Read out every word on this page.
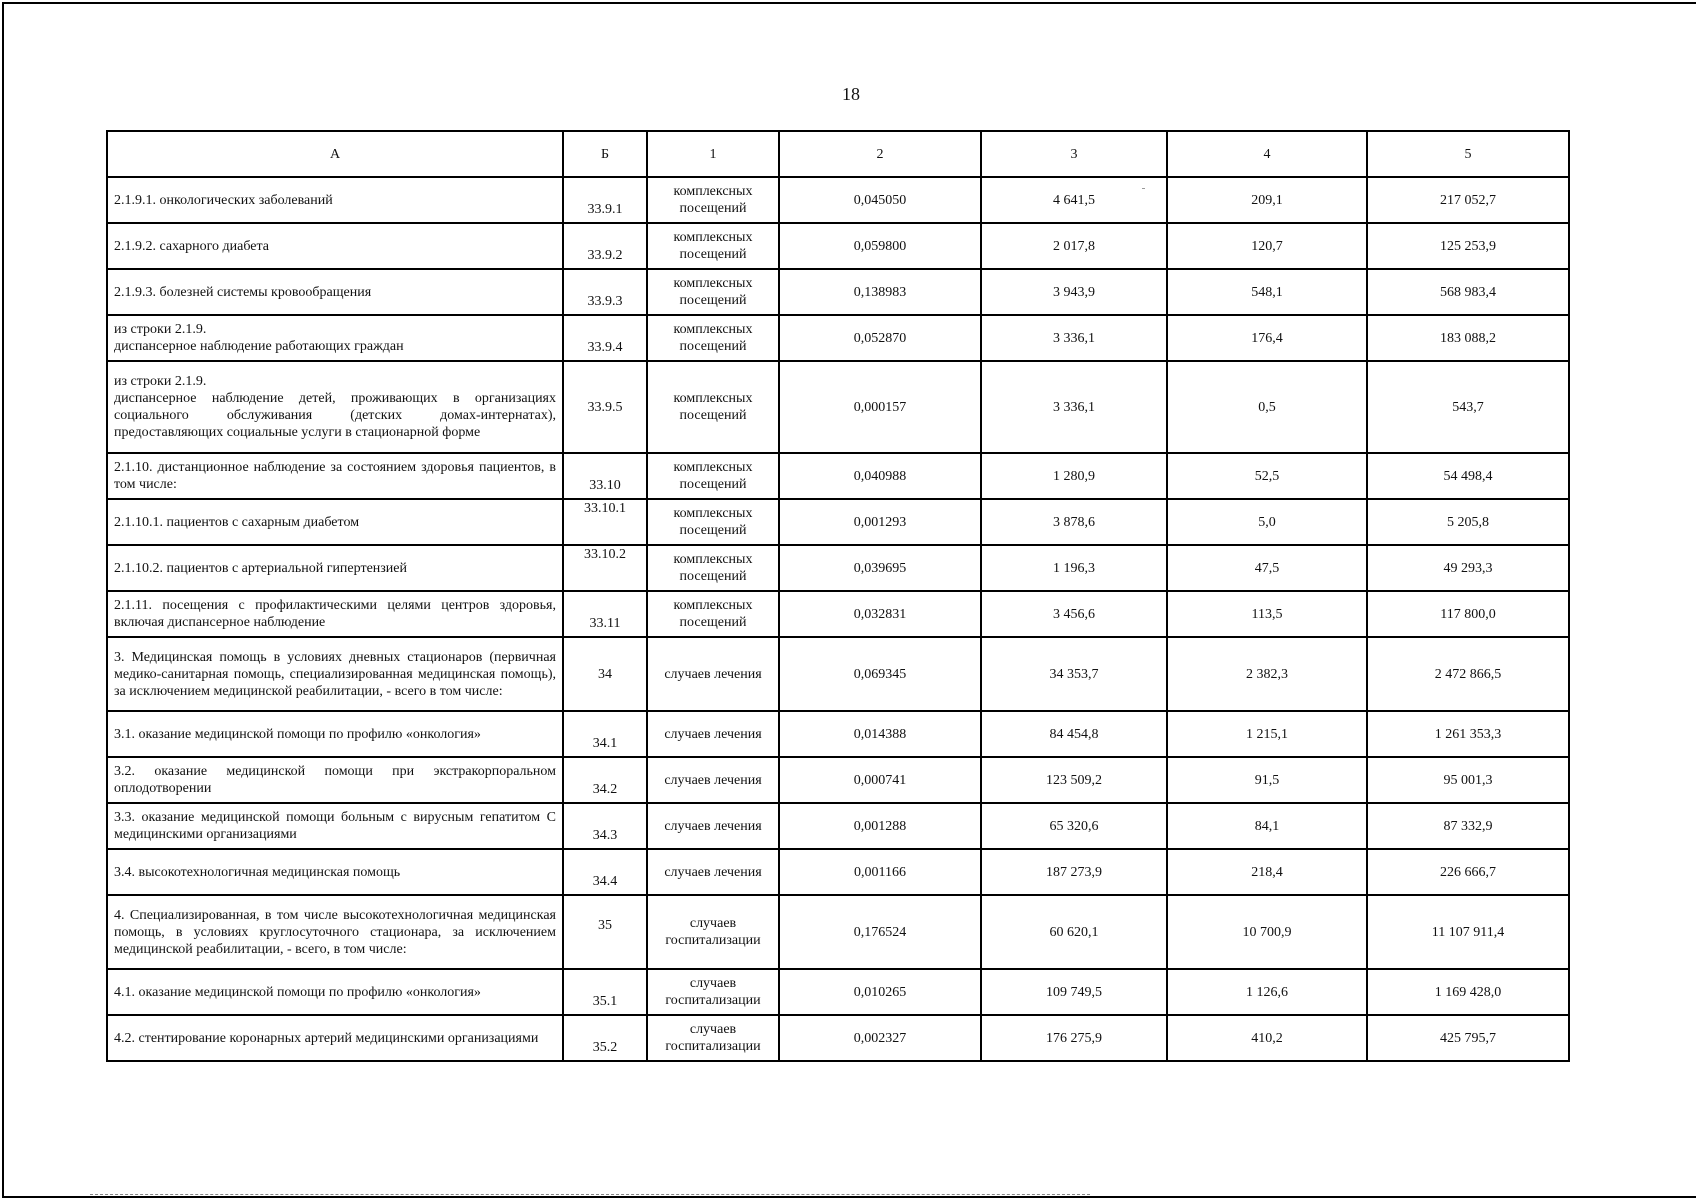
18
А	Б	1	2	3	4	5
2.1.9.1. онкологических заболеваний	33.9.1	комплексных посещений	0,045050	4 641,5	209,1	217 052,7
2.1.9.2. сахарного диабета	33.9.2	комплексных посещений	0,059800	2 017,8	120,7	125 253,9
2.1.9.3. болезней системы кровообращения	33.9.3	комплексных посещений	0,138983	3 943,9	548,1	568 983,4
из строки 2.1.9.
диспансерное наблюдение работающих граждан	33.9.4	комплексных посещений	0,052870	3 336,1	176,4	183 088,2
из строки 2.1.9.
диспансерное наблюдение детей, проживающих в организациях социального обслуживания (детских домах-интернатах), предоставляющих социальные услуги в стационарной форме	33.9.5	комплексных посещений	0,000157	3 336,1	0,5	543,7
2.1.10. дистанционное наблюдение за состоянием здоровья пациентов, в том числе:	33.10	комплексных посещений	0,040988	1 280,9	52,5	54 498,4
2.1.10.1. пациентов с сахарным диабетом	33.10.1	комплексных посещений	0,001293	3 878,6	5,0	5 205,8
2.1.10.2. пациентов с артериальной гипертензией	33.10.2	комплексных посещений	0,039695	1 196,3	47,5	49 293,3
2.1.11. посещения с профилактическими целями центров здоровья, включая диспансерное наблюдение	33.11	комплексных посещений	0,032831	3 456,6	113,5	117 800,0
3. Медицинская помощь в условиях дневных стационаров (первичная медико-санитарная помощь, специализированная медицинская помощь), за исключением медицинской реабилитации, - всего в том числе:	34	случаев лечения	0,069345	34 353,7	2 382,3	2 472 866,5
3.1. оказание медицинской помощи по профилю «онкология»	34.1	случаев лечения	0,014388	84 454,8	1 215,1	1 261 353,3
3.2. оказание медицинской помощи при экстракорпоральном оплодотворении	34.2	случаев лечения	0,000741	123 509,2	91,5	95 001,3
3.3. оказание медицинской помощи больным с вирусным гепатитом С медицинскими организациями	34.3	случаев лечения	0,001288	65 320,6	84,1	87 332,9
3.4. высокотехнологичная медицинская помощь	34.4	случаев лечения	0,001166	187 273,9	218,4	226 666,7
4. Специализированная, в том числе высокотехнологичная медицинская помощь, в условиях круглосуточного стационара, за исключением медицинской реабилитации, - всего, в том числе:	35	случаев госпитализации	0,176524	60 620,1	10 700,9	11 107 911,4
4.1. оказание медицинской помощи по профилю «онкология»	35.1	случаев госпитализации	0,010265	109 749,5	1 126,6	1 169 428,0
4.2. стентирование коронарных артерий медицинскими организациями	35.2	случаев госпитализации	0,002327	176 275,9	410,2	425 795,7
